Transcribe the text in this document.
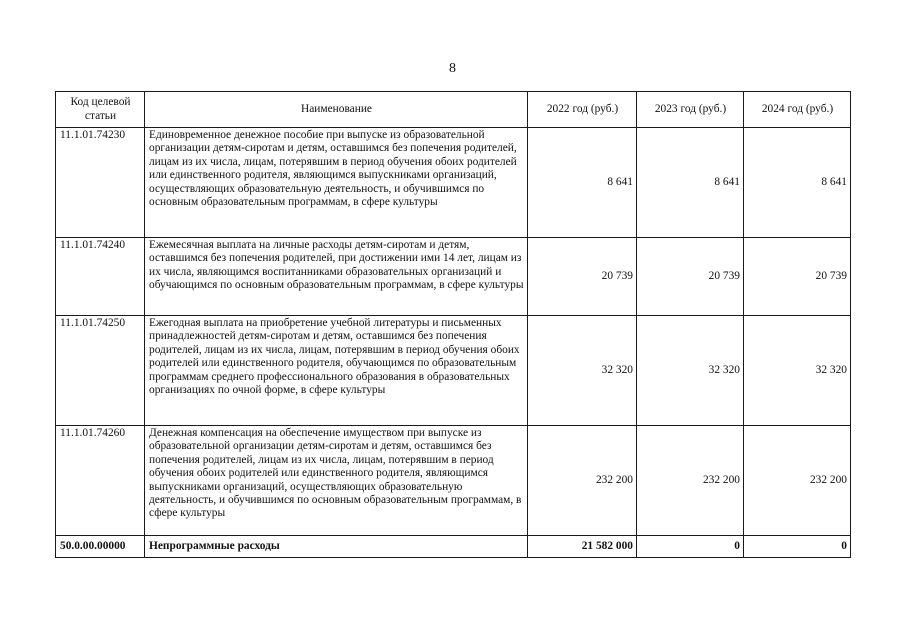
8
Код целевой статьи	Наименование	2022 год (руб.)	2023 год (руб.)	2024 год (руб.)
11.1.01.74230	Единовременное денежное пособие при выпуске из образовательной организации детям-сиротам и детям, оставшимся без попечения родителей, лицам из их числа, лицам, потерявшим в период обучения обоих родителей или единственного родителя, являющимся выпускниками организаций, осуществляющих образовательную деятельность, и обучившимся по основным образовательным программам, в сфере культуры	8 641	8 641	8 641
11.1.01.74240	Ежемесячная выплата на личные расходы детям-сиротам и детям, оставшимся без попечения родителей, при достижении ими 14 лет, лицам из их числа, являющимся воспитанниками образовательных организаций и обучающимся по основным образовательным программам, в сфере культуры	20 739	20 739	20 739
11.1.01.74250	Ежегодная выплата на приобретение учебной литературы и письменных принадлежностей детям-сиротам и детям, оставшимся без попечения родителей, лицам из их числа, лицам, потерявшим в период обучения обоих родителей или единственного родителя, обучающимся по образовательным программам среднего профессионального образования в образовательных организациях по очной форме, в сфере культуры	32 320	32 320	32 320
11.1.01.74260	Денежная компенсация на обеспечение имуществом при выпуске из образовательной организации детям-сиротам и детям, оставшимся без попечения родителей, лицам из их числа, лицам, потерявшим в период обучения обоих родителей или единственного родителя, являющимся выпускниками организаций, осуществляющих образовательную деятельность, и обучившимся по основным образовательным программам, в сфере культуры	232 200	232 200	232 200
50.0.00.00000	Непрограммные расходы	21 582 000	0	0
